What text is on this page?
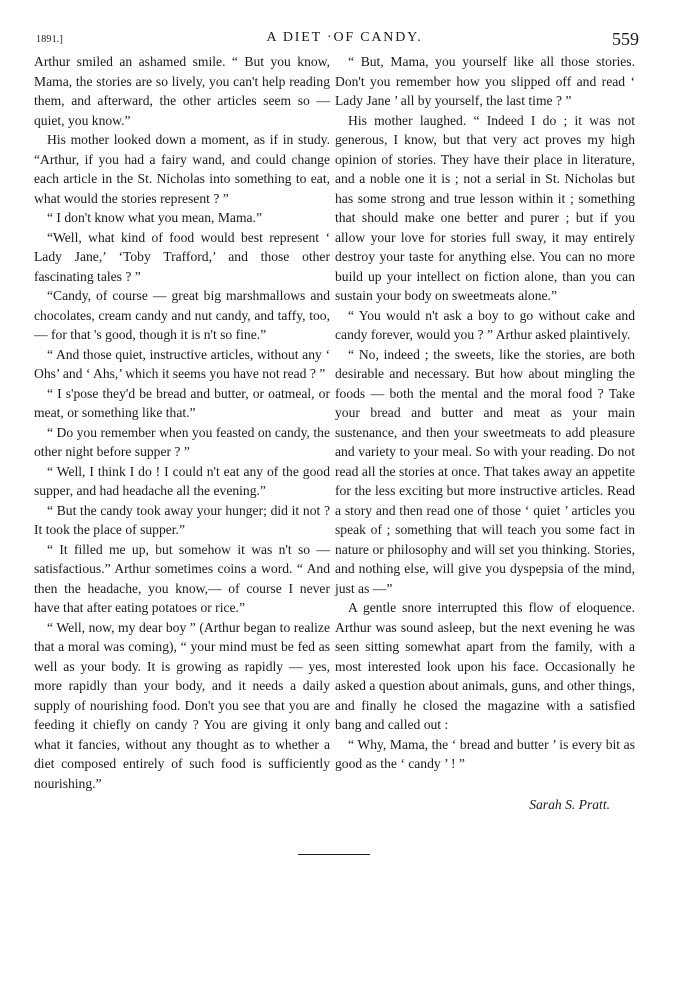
1891.]	A DIET ·OF CANDY.	559

Arthur smiled an ashamed smile. “ But you know, Mama, the stories are so lively, you can't help reading them, and afterward, the other articles seem so — quiet, you know.”

His mother looked down a moment, as if in study. “Arthur, if you had a fairy wand, and could change each article in the St. Nicholas into something to eat, what would the stories represent ? ”

“ I don't know what you mean, Mama.”

“Well, what kind of food would best represent ‘ Lady Jane,’ ‘Toby Trafford,’ and those other fascinating tales ? ”

“Candy, of course — great big marshmallows and chocolates, cream candy and nut candy, and taffy, too,— for that 's good, though it is n't so fine.”

“ And those quiet, instructive articles, without any ‘ Ohs’ and ‘ Ahs,’ which it seems you have not read ? ”

“ I s'pose they'd be bread and butter, or oatmeal, or meat, or something like that.”

“ Do you remember when you feasted on candy, the other night before supper ? ”

“ Well, I think I do ! I could n't eat any of the good supper, and had headache all the evening.”

“ But the candy took away your hunger; did it not ? It took the place of supper.”

“ It filled me up, but somehow it was n't so — satisfactious.” Arthur sometimes coins a word. “ And then the headache, you know,— of course I never have that after eating potatoes or rice.”

“ Well, now, my dear boy ” (Arthur began to realize that a moral was coming), “ your mind must be fed as well as your body. It is growing as rapidly — yes, more rapidly than your body, and it needs a daily supply of nourishing food. Don't you see that you are feeding it chiefly on candy ? You are giving it only what it fancies, without any thought as to whether a diet composed entirely of such food is sufficiently nourishing.”

“ But, Mama, you yourself like all those stories. Don't you remember how you slipped off and read ‘ Lady Jane ’ all by yourself, the last time ? ”

His mother laughed. “ Indeed I do ; it was not generous, I know, but that very act proves my high opinion of stories. They have their place in literature, and a noble one it is ; not a serial in St. Nicholas but has some strong and true lesson within it ; something that should make one better and purer ; but if you allow your love for stories full sway, it may entirely destroy your taste for anything else. You can no more build up your intellect on fiction alone, than you can sustain your body on sweetmeats alone.”

“ You would n't ask a boy to go without cake and candy forever, would you ? ” Arthur asked plaintively.

“ No, indeed ; the sweets, like the stories, are both desirable and necessary. But how about mingling the foods — both the mental and the moral food ? Take your bread and butter and meat as your main sustenance, and then your sweetmeats to add pleasure and variety to your meal. So with your reading. Do not read all the stories at once. That takes away an appetite for the less exciting but more instructive articles. Read a story and then read one of those ‘ quiet ’ articles you speak of ; something that will teach you some fact in nature or philosophy and will set you thinking. Stories, and nothing else, will give you dyspepsia of the mind, just as —”

A gentle snore interrupted this flow of eloquence. Arthur was sound asleep, but the next evening he was seen sitting somewhat apart from the family, with a most interested look upon his face. Occasionally he asked a question about animals, guns, and other things, and finally he closed the magazine with a satisfied bang and called out :

“ Why, Mama, the ‘ bread and butter ’ is every bit as good as the ‘ candy ’ ! ”

Sarah S. Pratt.
